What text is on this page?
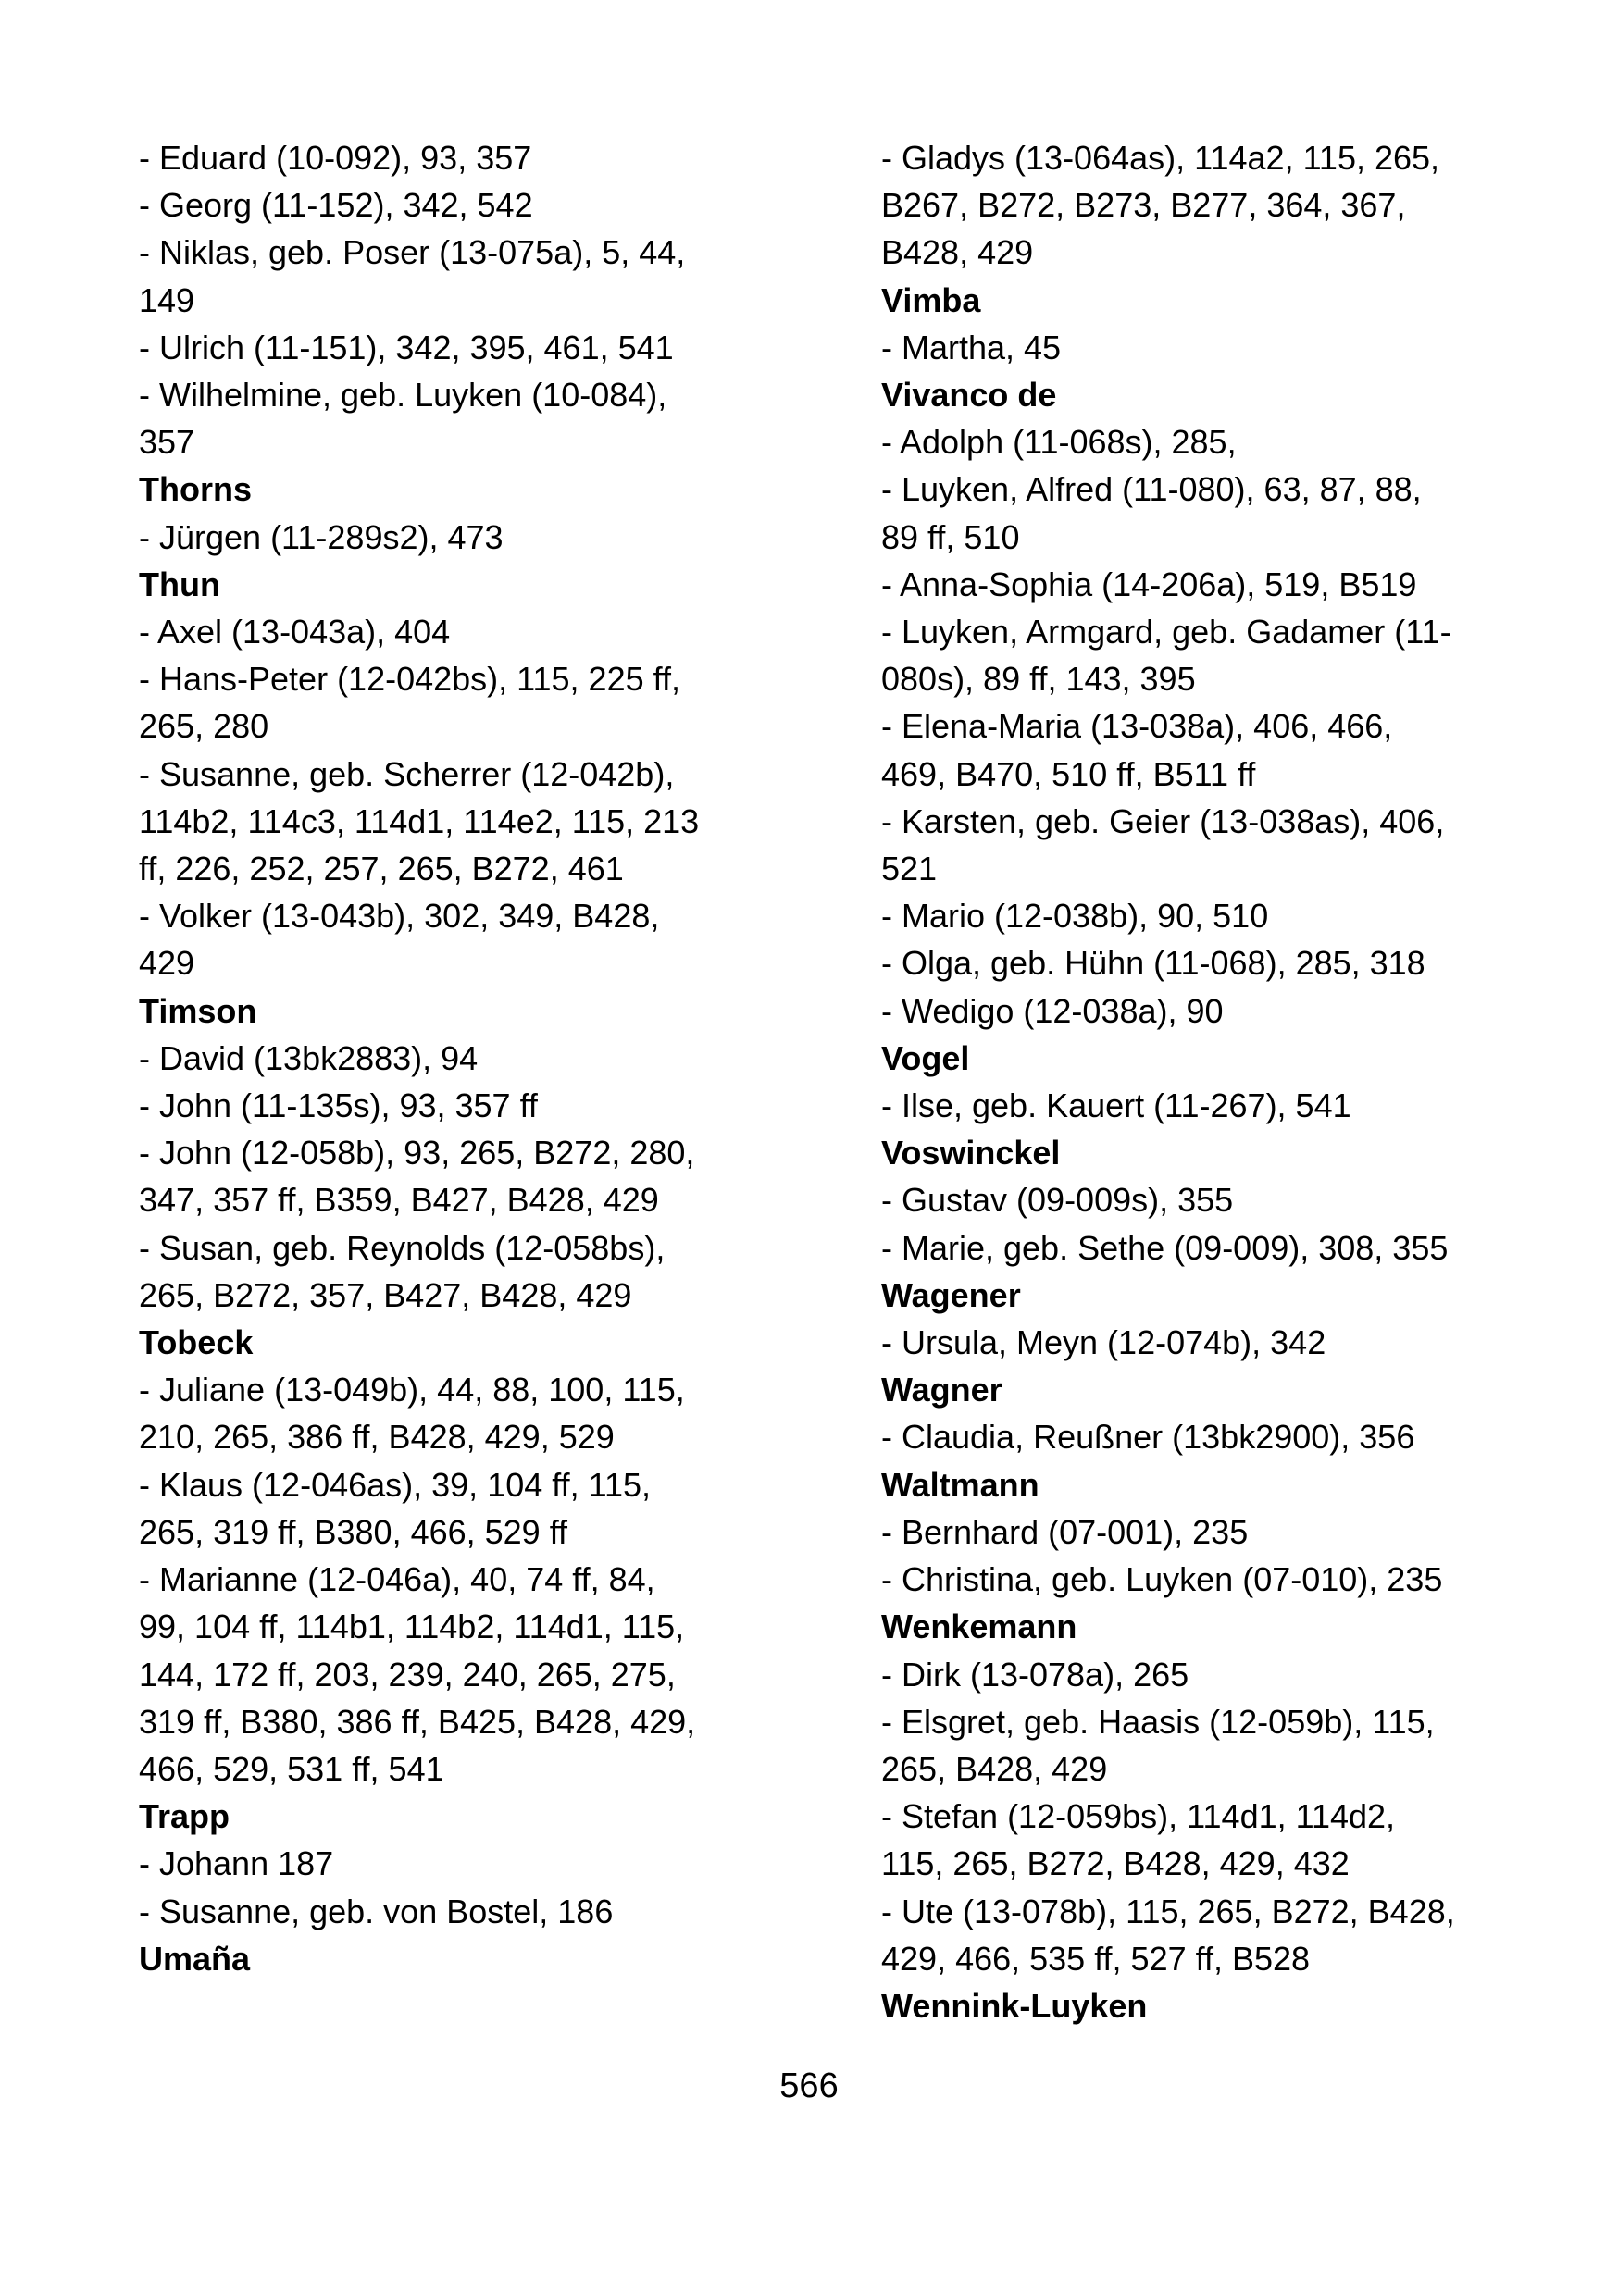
- Eduard (10-092), 93, 357
- Georg (11-152), 342, 542
- Niklas, geb. Poser (13-075a), 5, 44,
149
- Ulrich (11-151), 342, 395, 461, 541
- Wilhelmine, geb. Luyken (10-084),
357
Thorns
- Jürgen (11-289s2), 473
Thun
- Axel (13-043a), 404
- Hans-Peter (12-042bs), 115, 225 ff,
265, 280
- Susanne, geb. Scherrer (12-042b),
114b2, 114c3, 114d1, 114e2, 115, 213
ff, 226, 252, 257, 265, B272, 461
- Volker (13-043b), 302, 349, B428,
429
Timson
- David (13bk2883), 94
- John (11-135s), 93, 357 ff
- John (12-058b), 93, 265, B272, 280,
347, 357 ff, B359, B427, B428, 429
- Susan, geb. Reynolds (12-058bs),
265, B272, 357, B427, B428, 429
Tobeck
- Juliane (13-049b), 44, 88, 100, 115,
210, 265, 386 ff, B428, 429, 529
- Klaus (12-046as), 39, 104 ff, 115,
265, 319 ff, B380, 466, 529 ff
- Marianne (12-046a), 40, 74 ff, 84,
99, 104 ff, 114b1, 114b2, 114d1, 115,
144, 172 ff, 203, 239, 240, 265, 275,
319 ff, B380, 386 ff, B425, B428, 429,
466, 529, 531 ff, 541
Trapp
- Johann 187
- Susanne, geb. von Bostel, 186
Umaña
- Gladys (13-064as), 114a2, 115, 265,
B267, B272, B273, B277, 364, 367,
B428, 429
Vimba
- Martha, 45
Vivanco de
- Adolph (11-068s), 285,
- Luyken, Alfred (11-080), 63, 87, 88,
89 ff, 510
- Anna-Sophia (14-206a), 519, B519
- Luyken, Armgard, geb. Gadamer (11-
080s), 89 ff, 143, 395
- Elena-Maria (13-038a), 406, 466,
469, B470, 510 ff, B511 ff
- Karsten, geb. Geier (13-038as), 406,
521
- Mario (12-038b), 90, 510
- Olga, geb. Hühn (11-068), 285, 318
- Wedigo (12-038a), 90
Vogel
- Ilse, geb. Kauert (11-267), 541
Voswinckel
- Gustav (09-009s), 355
- Marie, geb. Sethe (09-009), 308, 355
Wagener
- Ursula, Meyn (12-074b), 342
Wagner
- Claudia, Reußner (13bk2900), 356
Waltmann
- Bernhard (07-001), 235
- Christina, geb. Luyken (07-010), 235
Wenkemann
- Dirk (13-078a), 265
- Elsgret, geb. Haasis (12-059b), 115,
265, B428, 429
- Stefan (12-059bs), 114d1, 114d2,
115, 265, B272, B428, 429, 432
- Ute (13-078b), 115, 265, B272, B428,
429, 466, 535 ff, 527 ff, B528
Wennink-Luyken
566
